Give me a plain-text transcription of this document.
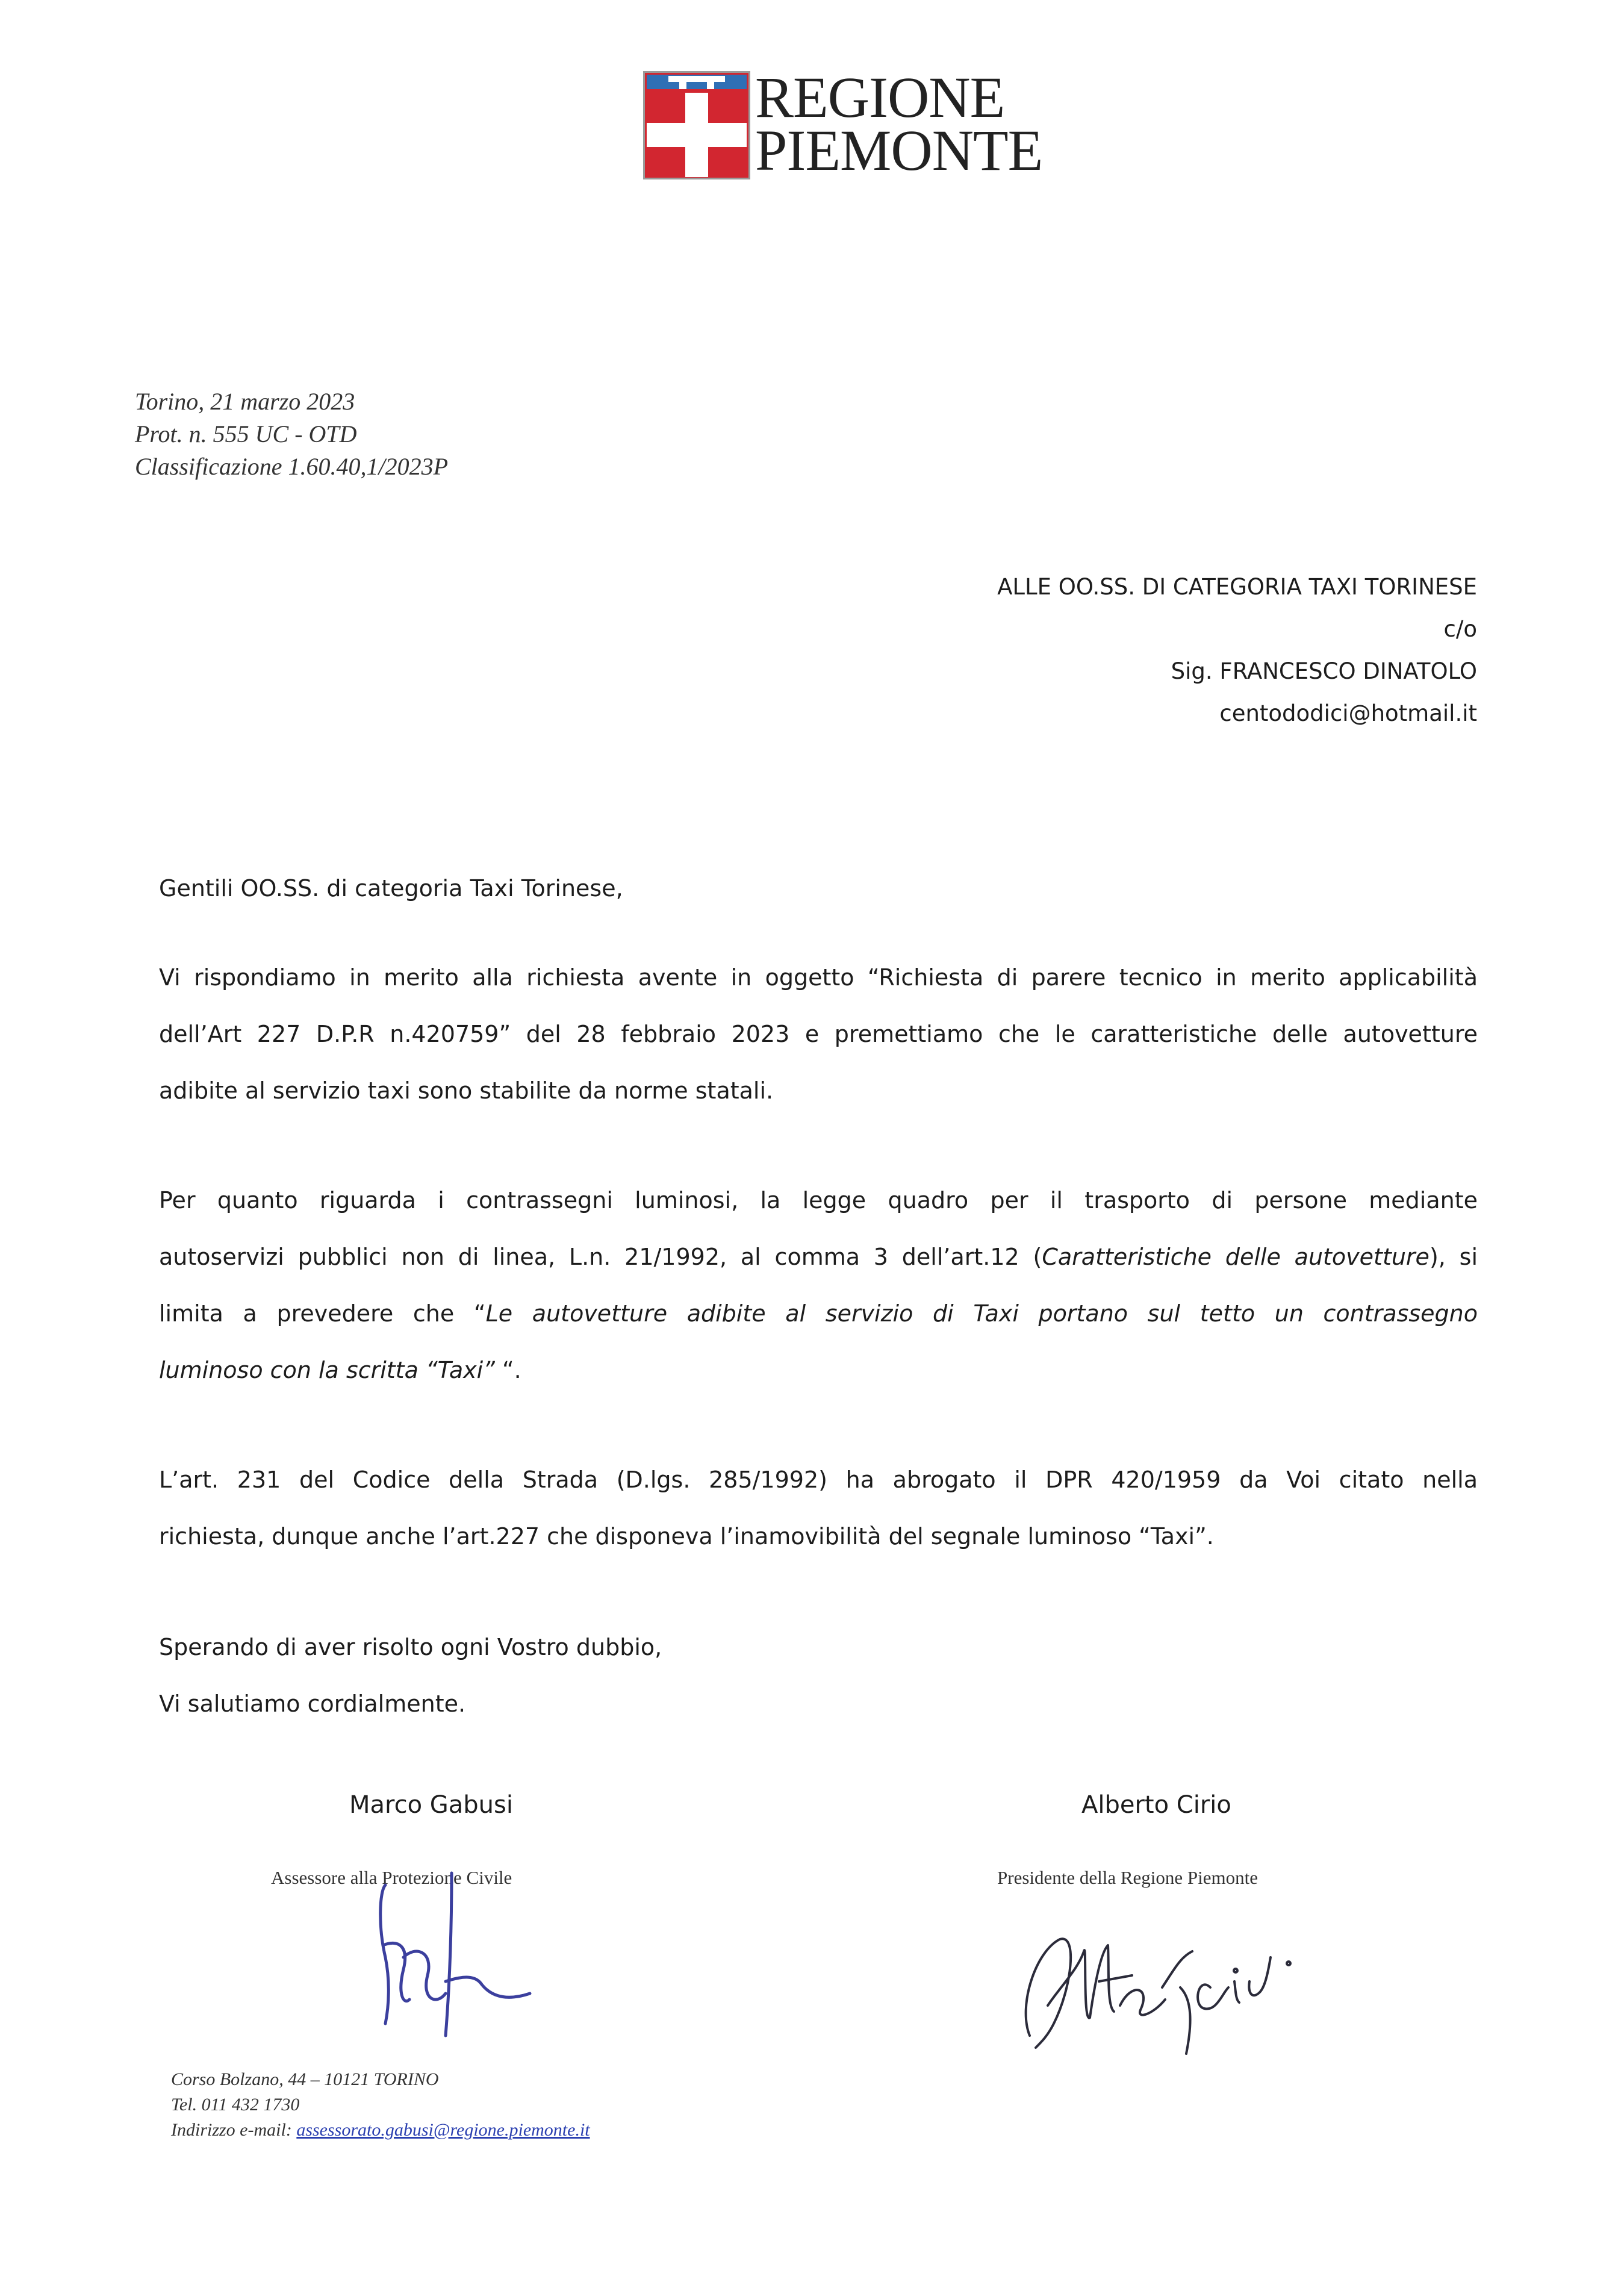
REGIONE
PIEMONTE
Torino, 21 marzo 2023
Prot. n. 555 UC - OTD
Classificazione 1.60.40,1/2023P
ALLE OO.SS. DI CATEGORIA TAXI TORINESE
c/o
Sig. FRANCESCO DINATOLO
centododici@hotmail.it
Gentili OO.SS. di categoria Taxi Torinese,
Vi rispondiamo in merito alla richiesta avente in oggetto “Richiesta di parere tecnico in merito applicabilità
dell’Art 227 D.P.R n.420759” del 28 febbraio 2023 e premettiamo che le caratteristiche delle autovetture
adibite al servizio taxi sono stabilite da norme statali.
Per quanto riguarda i contrassegni luminosi, la legge quadro per il trasporto di persone mediante
autoservizi pubblici non di linea, L.n. 21/1992, al comma 3 dell’art.12 (Caratteristiche delle autovetture), si
limita a prevedere che “Le autovetture adibite al servizio di Taxi portano sul tetto un contrassegno
luminoso con la scritta “Taxi” “.
L’art. 231 del Codice della Strada (D.lgs. 285/1992) ha abrogato il DPR 420/1959 da Voi citato nella
richiesta, dunque anche l’art.227 che disponeva l’inamovibilità del segnale luminoso “Taxi”.
Sperando di aver risolto ogni Vostro dubbio,
Vi salutiamo cordialmente.
Marco Gabusi
Assessore alla Protezione Civile
Alberto Cirio
Presidente della Regione Piemonte
Corso Bolzano, 44 – 10121 TORINO
Tel. 011 432 1730
Indirizzo e-mail: assessorato.gabusi@regione.piemonte.it
